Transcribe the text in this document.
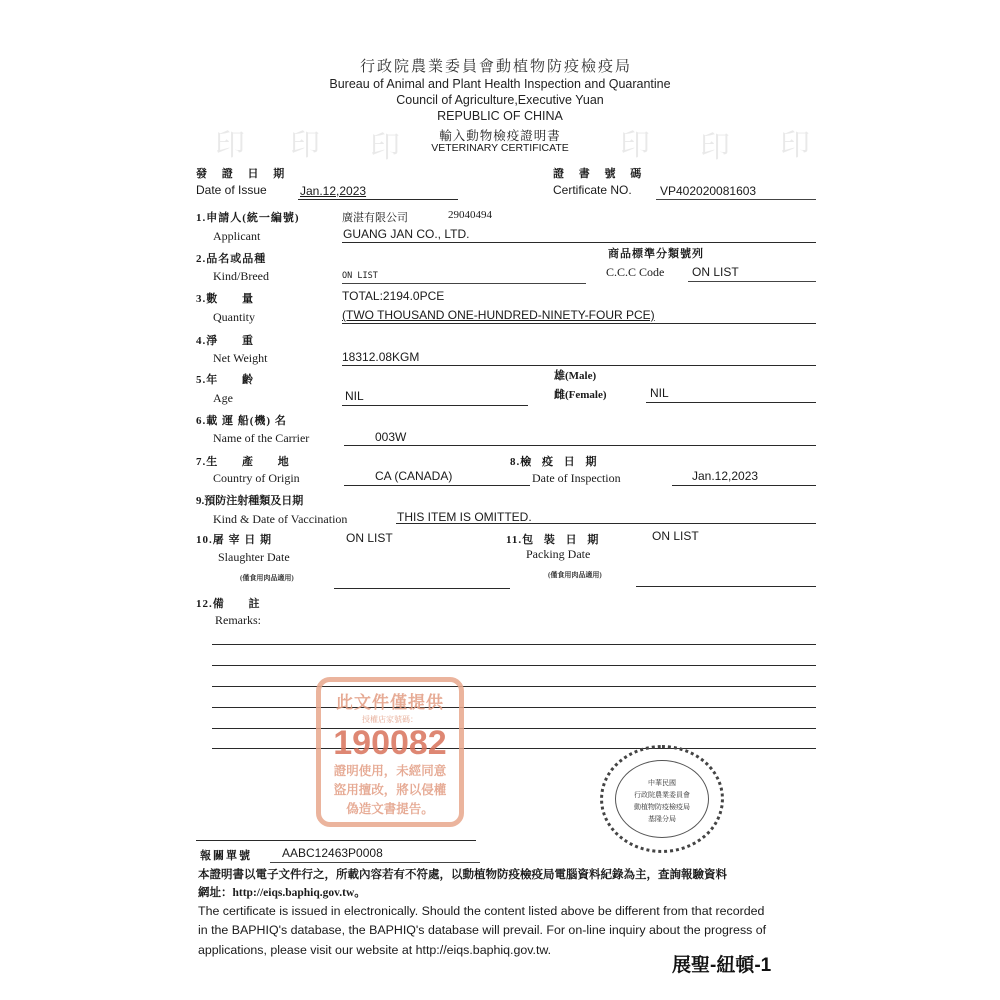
印 印 印	印 印 印
行政院農業委員會動植物防疫檢疫局
Bureau of Animal and Plant Health Inspection and Quarantine
Council of Agriculture,Executive Yuan
REPUBLIC OF CHINA
輸入動物檢疫證明書
VETERINARY CERTIFICATE
發 證 日 期
Date of Issue	Jan.12,2023
證 書 號 碼
Certificate NO. VP402020081603
1.申請人(統一編號)
Applicant
廣湛有限公司	29040494
GUANG JAN CO., LTD.
2.品名或品種
Kind/Breed	ON LIST
商品標準分類號列
C.C.C Code ON LIST
3.數 量
Quantity
TOTAL:2194.0PCE
(TWO THOUSAND ONE-HUNDRED-NINETY-FOUR PCE)
4.淨 重
Net Weight	18312.08KGM
5.年 齡
Age	NIL
雄(Male)
雌(Female)	NIL
6.載 運 船(機) 名
Name of the Carrier	003W
7.生 產 地
Country of Origin	CA (CANADA)
8.檢 疫 日 期
Date of Inspection	Jan.12,2023
9.預防注射種類及日期
Kind & Date of Vaccination	THIS ITEM IS OMITTED.
10.屠 宰 日 期	ON LIST
Slaughter Date
(僅食用肉品適用)
11.包 裝 日 期	ON LIST
Packing Date
(僅食用肉品適用)
12.備 註
Remarks:
此文件僅提供
授權店家號碼：
190082
證明使用，未經同意
盜用擅改，將以侵權
偽造文書提告。
中華民國
行政院農業委員會
動植物防疫檢疫局
基隆分局
報關單號	AABC12463P0008
本證明書以電子文件行之，所載內容若有不符處，以動植物防疫檢疫局電腦資料紀錄為主，查詢報驗資料
網址：http://eiqs.baphiq.gov.tw。
The certificate is issued in electronically. Should the content listed above be different from that recorded
in the BAPHIQ's database, the BAPHIQ's database will prevail. For on-line inquiry about the progress of
applications, please visit our website at http://eiqs.baphiq.gov.tw.
展聖-紐頓-1
